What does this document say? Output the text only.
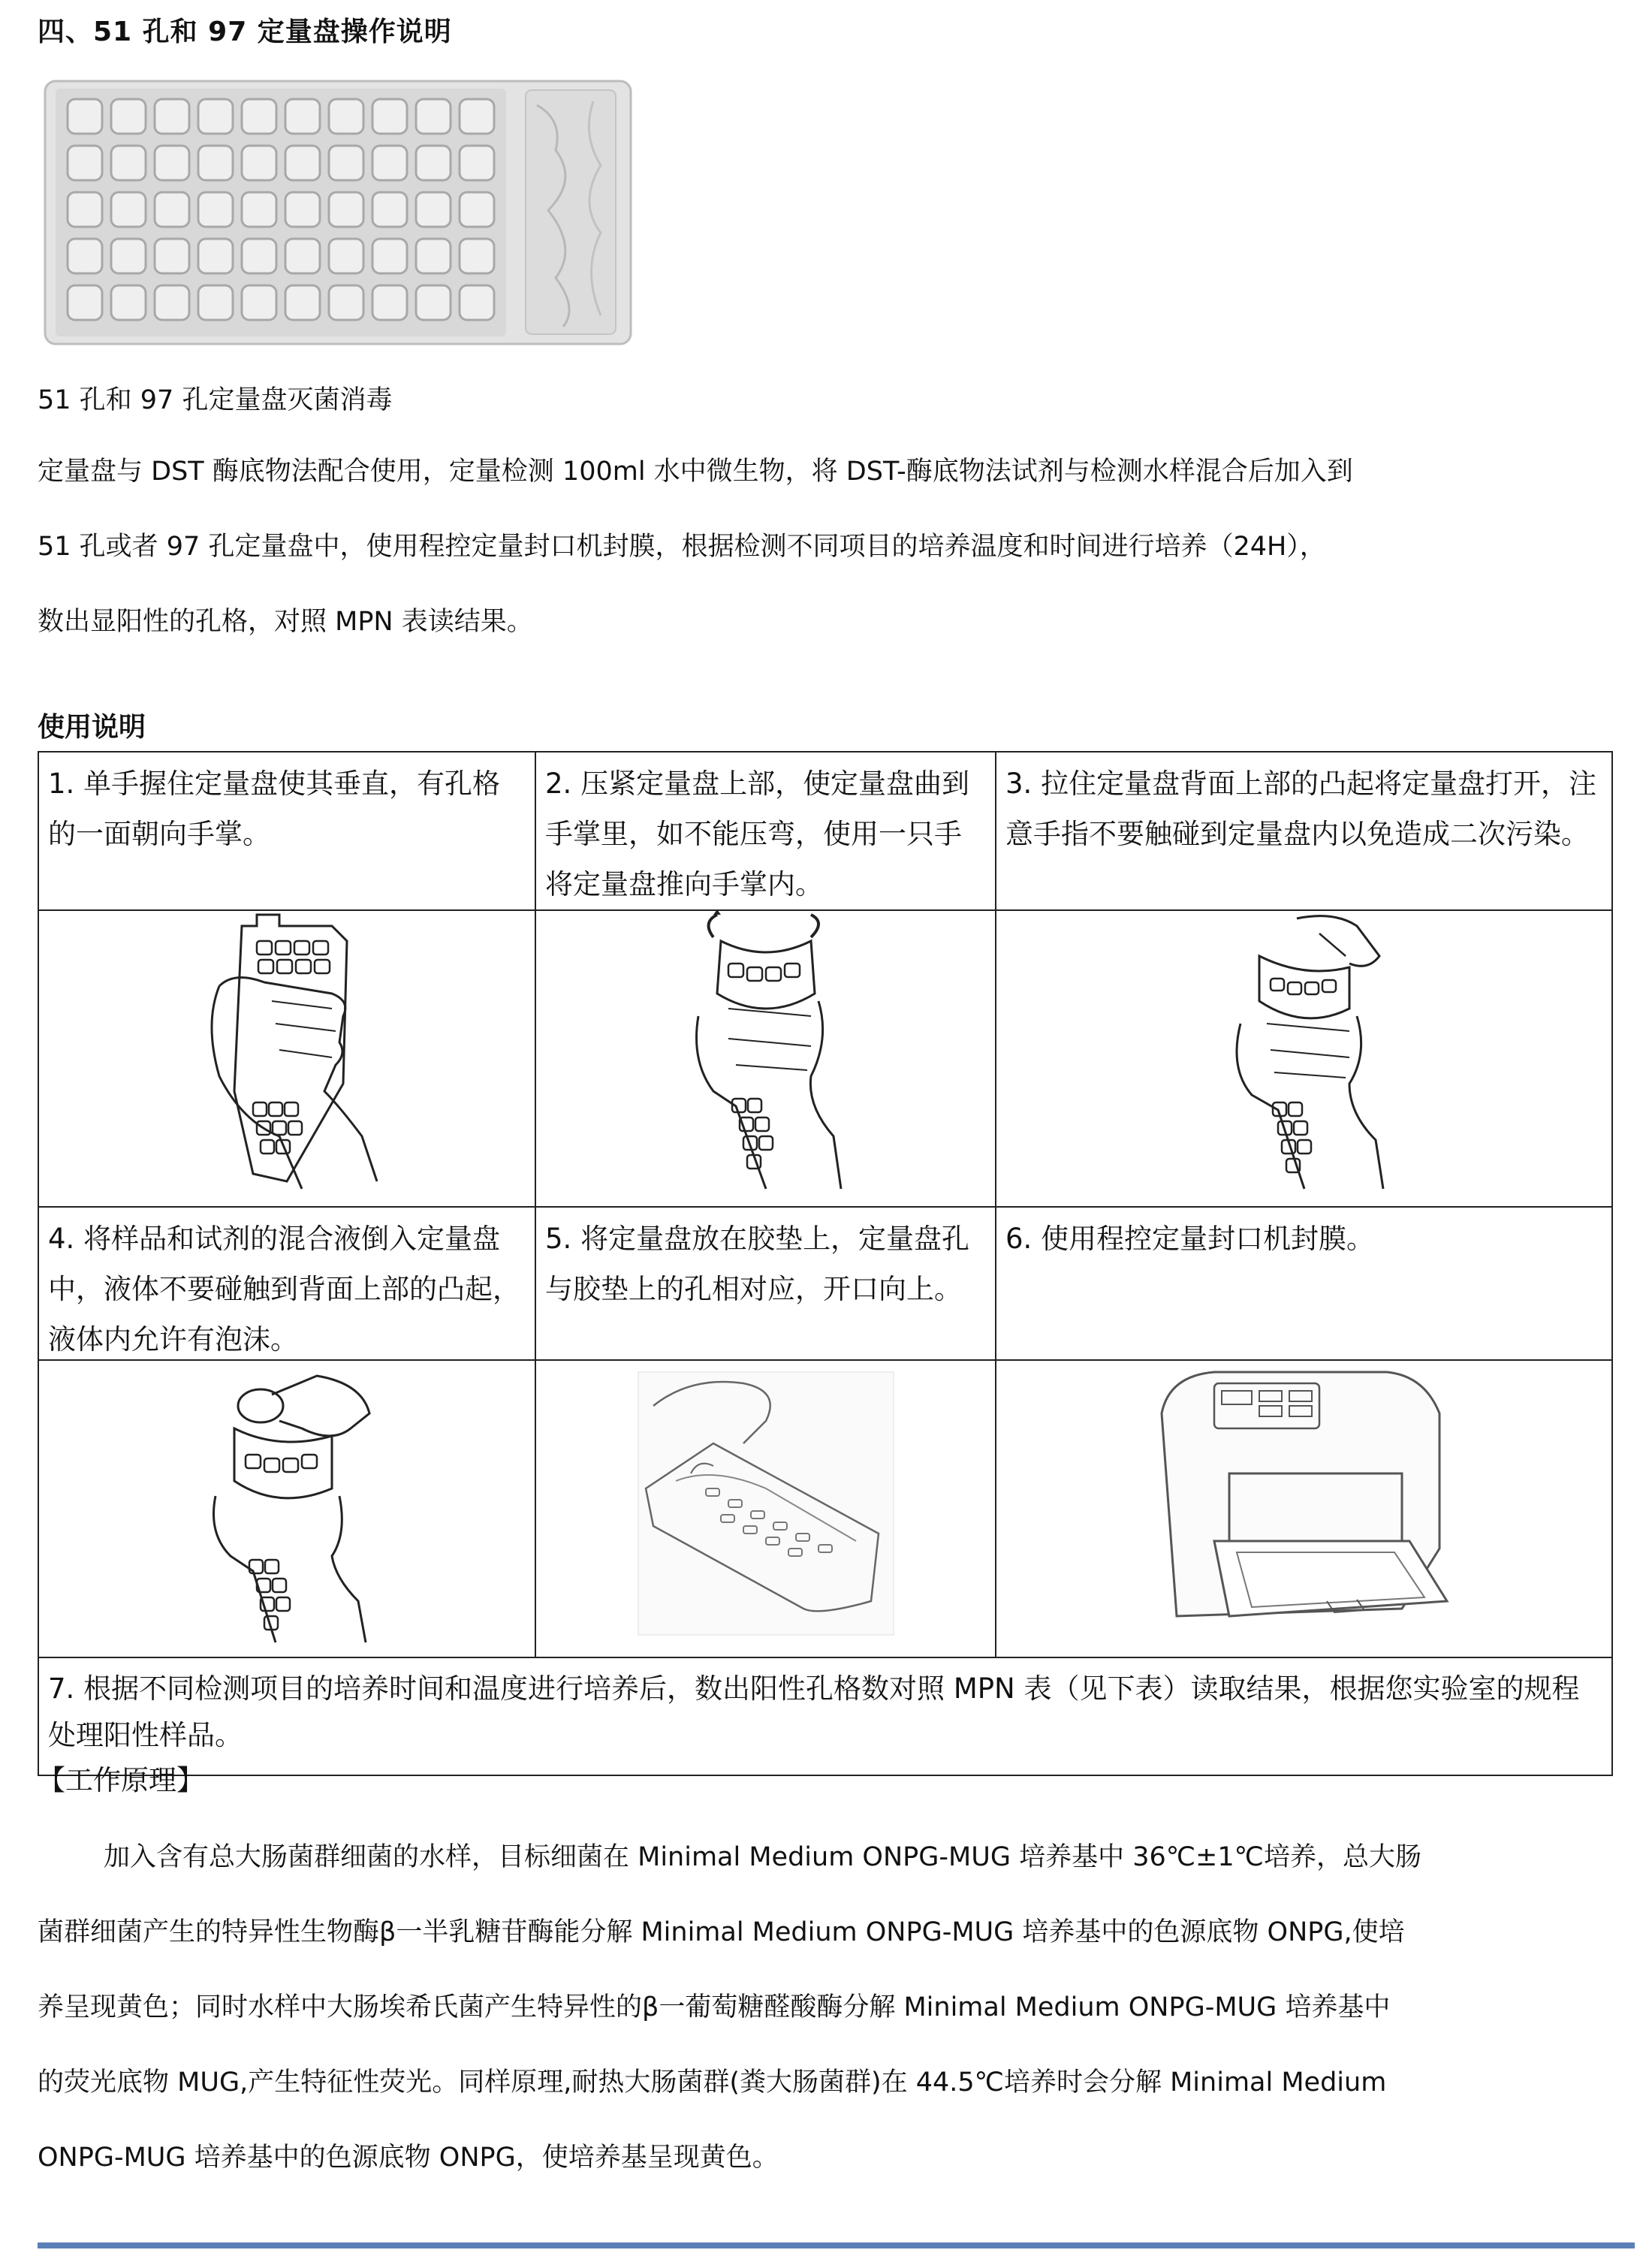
四、51 孔和 97 定量盘操作说明
51 孔和 97 孔定量盘灭菌消毒
定量盘与 DST 酶底物法配合使用，定量检测 100ml 水中微生物，将 DST-酶底物法试剂与检测水样混合后加入到
51 孔或者 97 孔定量盘中，使用程控定量封口机封膜，根据检测不同项目的培养温度和时间进行培养（24H），
数出显阳性的孔格，对照 MPN 表读结果。
使用说明
1. 单手握住定量盘使其垂直，有孔格的一面朝向手掌。	2. 压紧定量盘上部，使定量盘曲到手掌里，如不能压弯，使用一只手将定量盘推向手掌内。	3. 拉住定量盘背面上部的凸起将定量盘打开，注意手指不要触碰到定量盘内以免造成二次污染。

4. 将样品和试剂的混合液倒入定量盘中，液体不要碰触到背面上部的凸起，液体内允许有泡沫。	5. 将定量盘放在胶垫上，定量盘孔与胶垫上的孔相对应，开口向上。	6. 使用程控定量封口机封膜。

7. 根据不同检测项目的培养时间和温度进行培养后，数出阳性孔格数对照 MPN 表（见下表）读取结果，根据您实验室的规程处理阳性样品。		
【工作原理】
加入含有总大肠菌群细菌的水样，目标细菌在 Minimal Medium ONPG-MUG 培养基中 36℃±1℃培养，总大肠
菌群细菌产生的特异性生物酶β一半乳糖苷酶能分解 Minimal Medium ONPG-MUG 培养基中的色源底物 ONPG,使培
养呈现黄色；同时水样中大肠埃希氏菌产生特异性的β一葡萄糖醛酸酶分解 Minimal Medium ONPG-MUG 培养基中
的荧光底物 MUG,产生特征性荧光。同样原理,耐热大肠菌群(粪大肠菌群)在 44.5℃培养时会分解 Minimal Medium
ONPG-MUG 培养基中的色源底物 ONPG，使培养基呈现黄色。
